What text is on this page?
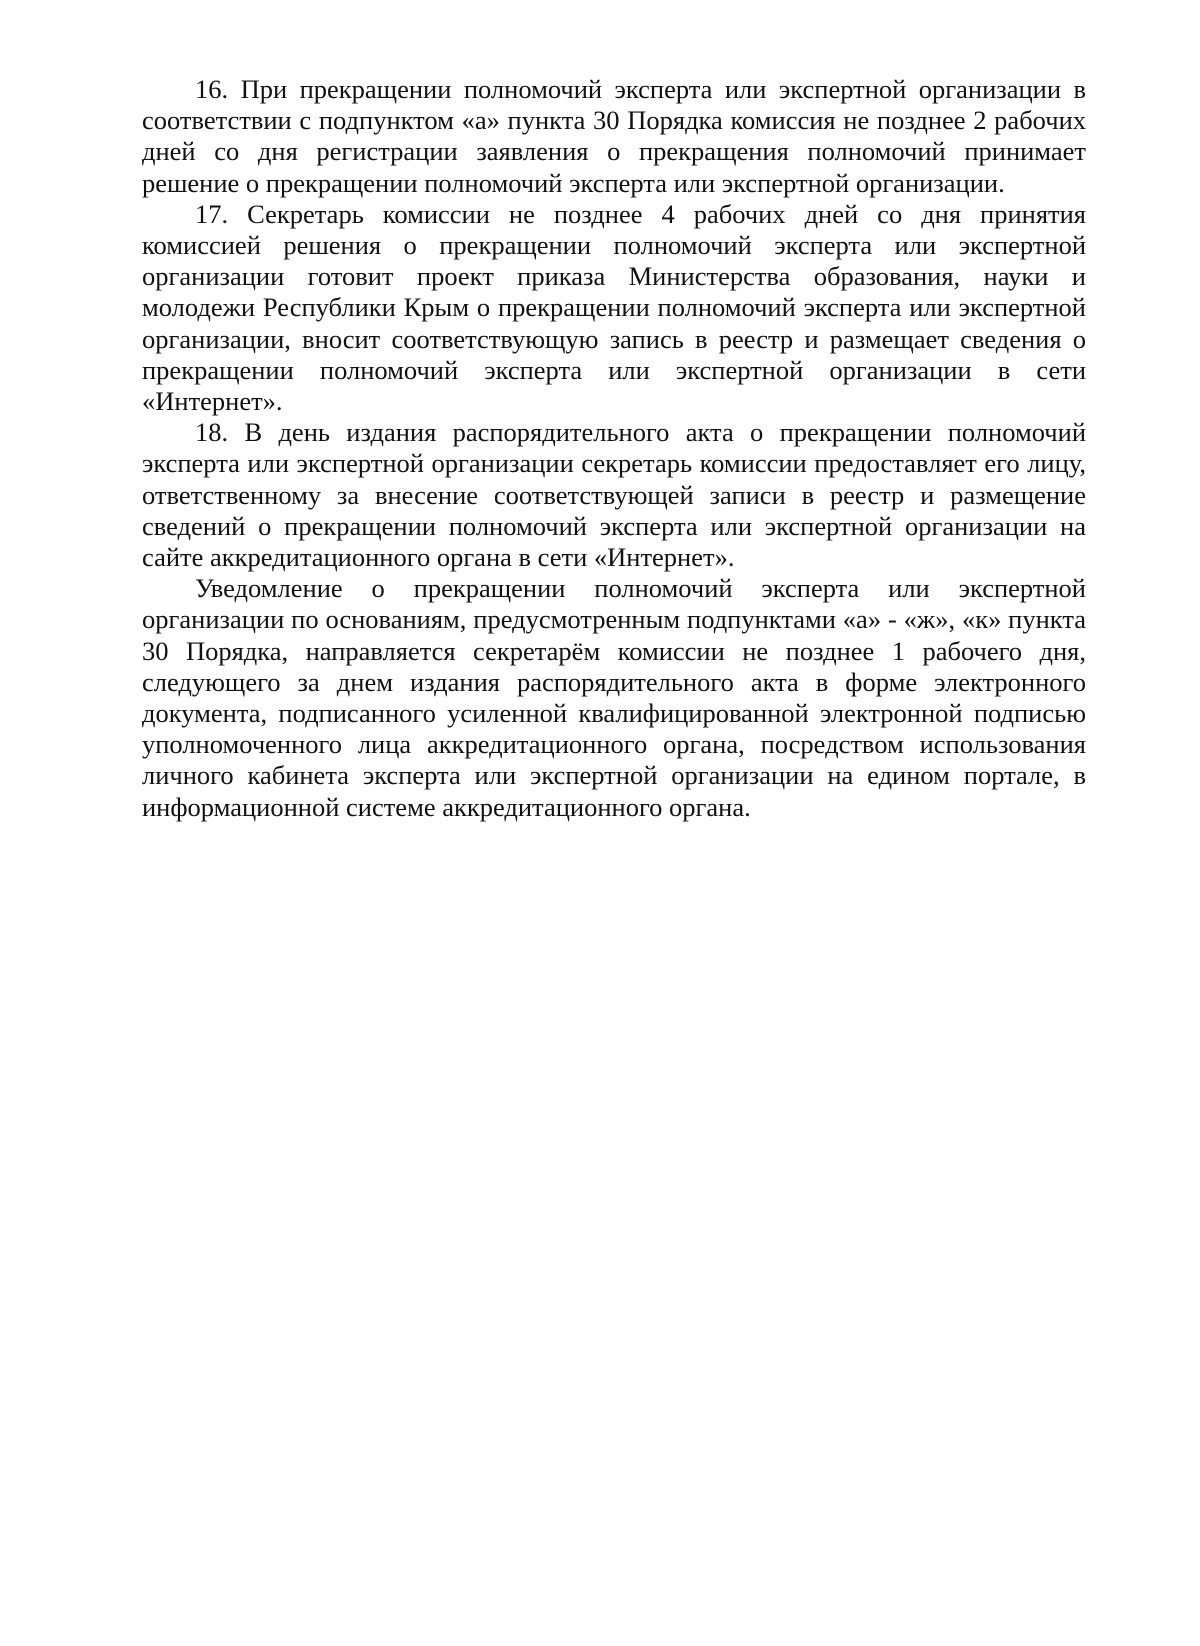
16. При прекращении полномочий эксперта или экспертной организации в соответствии с подпунктом «а» пункта 30 Порядка комиссия не позднее 2 рабочих дней со дня регистрации заявления о прекращения полномочий принимает решение о прекращении полномочий эксперта или экспертной организации.

17. Секретарь комиссии не позднее 4 рабочих дней со дня принятия комиссией решения о прекращении полномочий эксперта или экспертной организации готовит проект приказа Министерства образования, науки и молодежи Республики Крым о прекращении полномочий эксперта или экспертной организации, вносит соответствующую запись в реестр и размещает сведения о прекращении полномочий эксперта или экспертной организации в сети «Интернет».

18. В день издания распорядительного акта о прекращении полномочий эксперта или экспертной организации секретарь комиссии предоставляет его лицу, ответственному за внесение соответствующей записи в реестр и размещение сведений о прекращении полномочий эксперта или экспертной организации на сайте аккредитационного органа в сети «Интернет».

Уведомление о прекращении полномочий эксперта или экспертной организации по основаниям, предусмотренным подпунктами «а» - «ж», «к» пункта 30 Порядка, направляется секретарём комиссии не позднее 1 рабочего дня, следующего за днем издания распорядительного акта в форме электронного документа, подписанного усиленной квалифицированной электронной подписью уполномоченного лица аккредитационного органа, посредством использования личного кабинета эксперта или экспертной организации на едином портале, в информационной системе аккредитационного органа.
